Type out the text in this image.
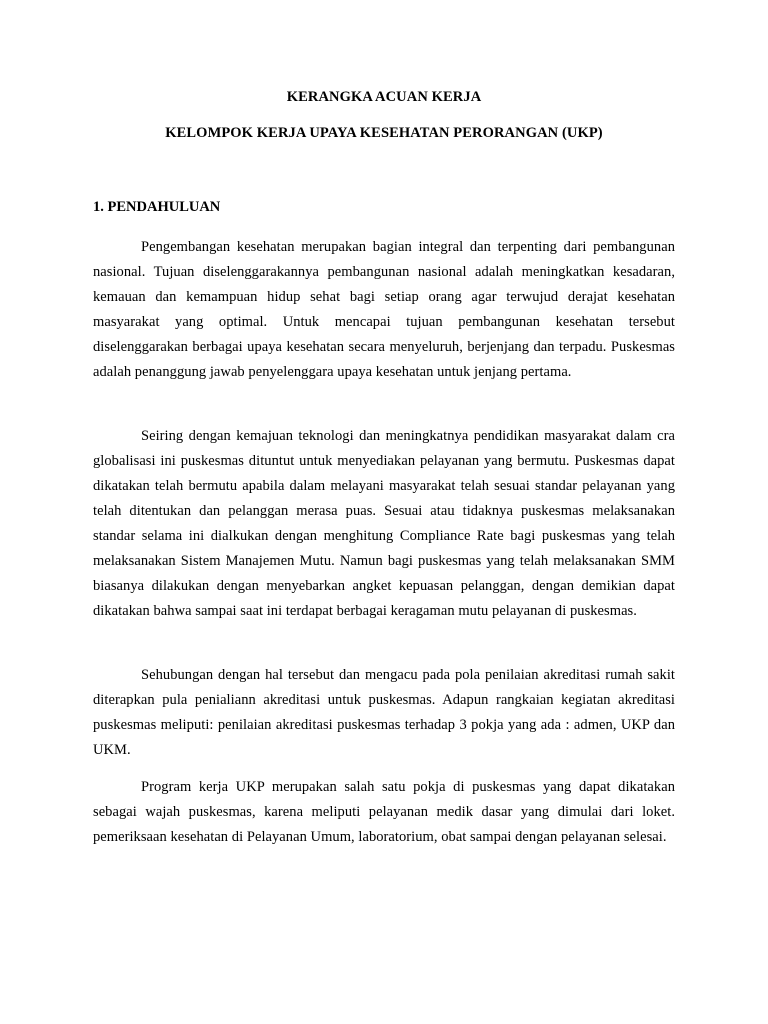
KERANGKA ACUAN KERJA
KELOMPOK KERJA UPAYA KESEHATAN PERORANGAN (UKP)
1. PENDAHULUAN

Pengembangan kesehatan merupakan bagian integral dan terpenting dari pembangunan nasional. Tujuan diselenggarakannya pembangunan nasional adalah meningkatkan kesadaran, kemauan dan kemampuan hidup sehat bagi setiap orang agar terwujud derajat kesehatan masyarakat yang optimal. Untuk mencapai tujuan pembangunan kesehatan tersebut diselenggarakan berbagai upaya kesehatan secara menyeluruh, berjenjang dan terpadu. Puskesmas adalah penanggung jawab penyelenggara upaya kesehatan untuk jenjang pertama.

Seiring dengan kemajuan teknologi dan meningkatnya pendidikan masyarakat dalam cra globalisasi ini puskesmas dituntut untuk menyediakan pelayanan yang bermutu. Puskesmas dapat dikatakan telah bermutu apabila dalam melayani masyarakat telah sesuai standar pelayanan yang telah ditentukan dan pelanggan merasa puas. Sesuai atau tidaknya puskesmas melaksanakan standar selama ini dialkukan dengan menghitung Compliance Rate bagi puskesmas yang telah melaksanakan Sistem Manajemen Mutu. Namun bagi puskesmas yang telah melaksanakan SMM biasanya dilakukan dengan menyebarkan angket kepuasan pelanggan, dengan demikian dapat dikatakan bahwa sampai saat ini terdapat berbagai keragaman mutu pelayanan di puskesmas.

Sehubungan dengan hal tersebut dan mengacu pada pola penilaian akreditasi rumah sakit diterapkan pula penialiann akreditasi untuk puskesmas. Adapun rangkaian kegiatan akreditasi puskesmas meliputi: penilaian akreditasi puskesmas terhadap 3 pokja yang ada : admen, UKP dan UKM.

Program kerja UKP merupakan salah satu pokja di puskesmas yang dapat dikatakan sebagai wajah puskesmas, karena meliputi pelayanan medik dasar yang dimulai dari loket. pemeriksaan kesehatan di Pelayanan Umum, laboratorium, obat sampai dengan pelayanan selesai.
